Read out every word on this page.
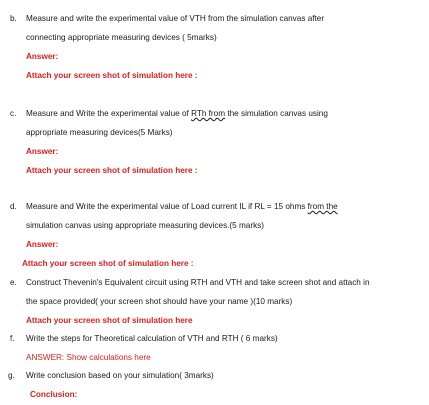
b. Measure and write the experimental value of VTH from the simulation canvas after
connecting appropriate measuring devices ( 5marks)
Answer:
Attach your screen shot of simulation here :
c. Measure and Write the experimental value of RTh from the simulation canvas using
appropriate measuring devices(5 Marks)
Answer:
Attach your screen shot of simulation here :
d. Measure and Write the experimental value of Load current IL if RL = 15 ohms from the
simulation canvas using appropriate measuring devices.(5 marks)
Answer:
Attach your screen shot of simulation here :
e. Construct Thevenin's Equivalent circuit using RTH and VTH and take screen shot and attach in
the space provided( your screen shot should have your name )(10 marks)
Attach your screen shot of simulation here
f. Write the steps for Theoretical calculation of VTH and RTH ( 6 marks)
ANSWER: Show calculations here
g. Write conclusion based on your simulation( 3marks)
Conclusion:
